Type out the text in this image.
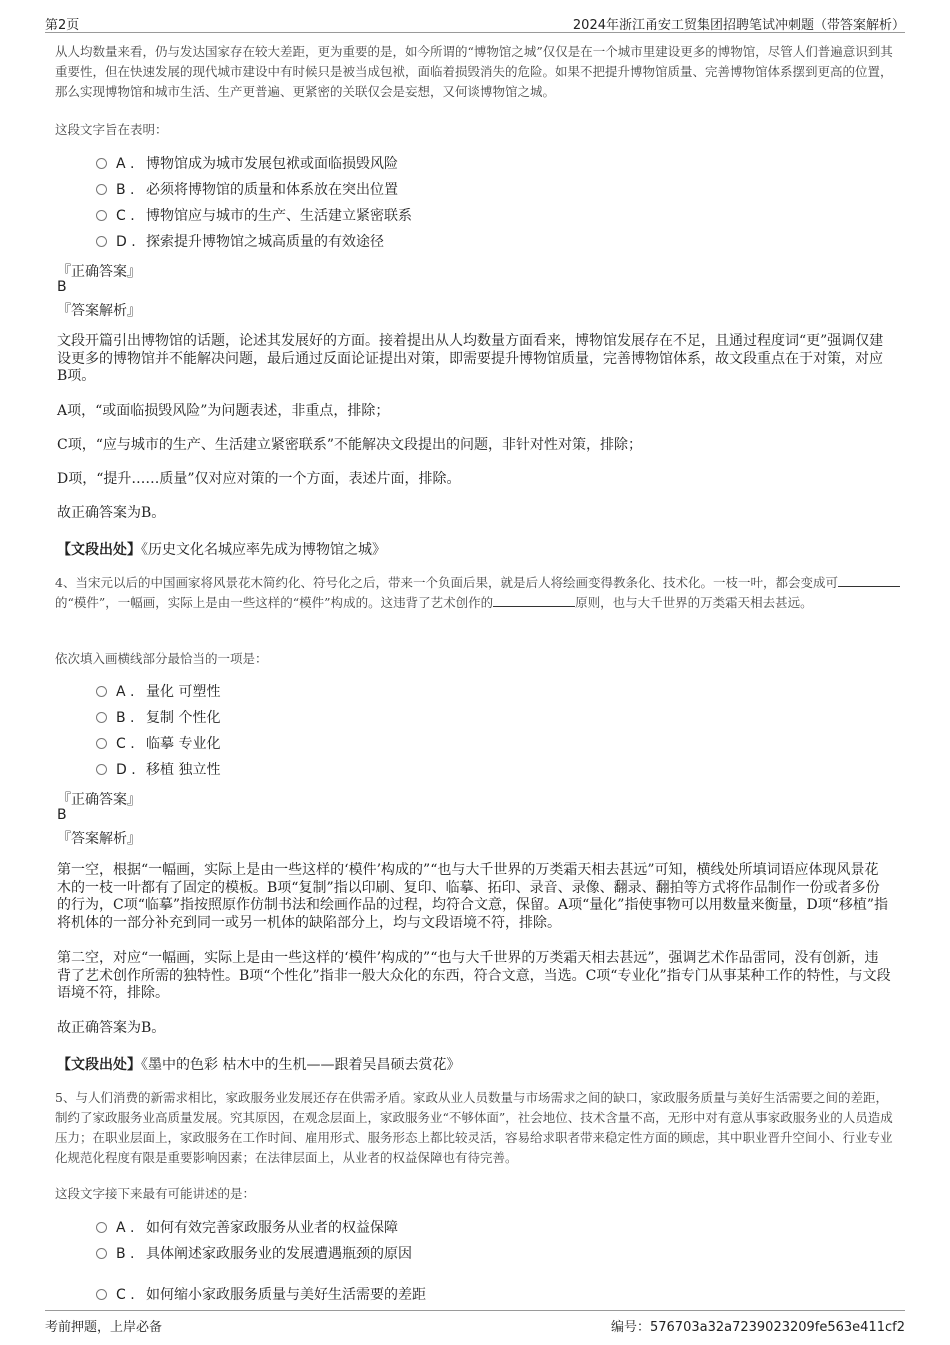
第2页	2024年浙江甬安工贸集团招聘笔试冲刺题（带答案解析）
从人均数量来看，仍与发达国家存在较大差距，更为重要的是，如今所谓的“博物馆之城”仅仅是在一个城市里建设更多的博物馆，尽管人们普遍意识到其重要性，但在快速发展的现代城市建设中有时候只是被当成包袱，面临着损毁消失的危险。如果不把提升博物馆质量、完善博物馆体系摆到更高的位置，那么实现博物馆和城市生活、生产更普遍、更紧密的关联仅会是妄想，又何谈博物馆之城。
这段文字旨在表明：
A . 博物馆成为城市发展包袱或面临损毁风险
B . 必须将博物馆的质量和体系放在突出位置
C . 博物馆应与城市的生产、生活建立紧密联系
D . 探索提升博物馆之城高质量的有效途径
『正确答案』
B
『答案解析』
文段开篇引出博物馆的话题，论述其发展好的方面。接着提出从人均数量方面看来，博物馆发展存在不足，且通过程度词“更”强调仅建设更多的博物馆并不能解决问题，最后通过反面论证提出对策，即需要提升博物馆质量，完善博物馆体系，故文段重点在于对策，对应B项。
A项，“或面临损毁风险”为问题表述，非重点，排除；
C项，“应与城市的生产、生活建立紧密联系”不能解决文段提出的问题，非针对性对策，排除；
D项，“提升……质量”仅对应对策的一个方面，表述片面，排除。
故正确答案为B。
【文段出处】《历史文化名城应率先成为博物馆之城》
4、当宋元以后的中国画家将风景花木简约化、符号化之后，带来一个负面后果，就是后人将绘画变得教条化、技术化。一枝一叶，都会变成可的“模件”，一幅画，实际上是由一些这样的“模件”构成的。这违背了艺术创作的	原则，也与大千世界的万类霜天相去甚远。
依次填入画横线部分最恰当的一项是：
A . 量化 可塑性
B . 复制 个性化
C . 临摹 专业化
D . 移植 独立性
『正确答案』
B
『答案解析』
第一空，根据“一幅画，实际上是由一些这样的‘模件’构成的”“也与大千世界的万类霜天相去甚远”可知，横线处所填词语应体现风景花木的一枝一叶都有了固定的模板。B项“复制”指以印刷、复印、临摹、拓印、录音、录像、翻录、翻拍等方式将作品制作一份或者多份的行为，C项“临摹”指按照原作仿制书法和绘画作品的过程，均符合文意，保留。A项“量化”指使事物可以用数量来衡量，D项“移植”指将机体的一部分补充到同一或另一机体的缺陷部分上，均与文段语境不符，排除。
第二空，对应“一幅画，实际上是由一些这样的‘模件’构成的”“也与大千世界的万类霜天相去甚远”，强调艺术作品雷同，没有创新，违背了艺术创作所需的独特性。B项“个性化”指非一般大众化的东西，符合文意，当选。C项“专业化”指专门从事某种工作的特性，与文段语境不符，排除。
故正确答案为B。
【文段出处】《墨中的色彩 枯木中的生机——跟着吴昌硕去赏花》
5、与人们消费的新需求相比，家政服务业发展还存在供需矛盾。家政从业人员数量与市场需求之间的缺口，家政服务质量与美好生活需要之间的差距，制约了家政服务业高质量发展。究其原因，在观念层面上，家政服务业“不够体面”，社会地位、技术含量不高，无形中对有意从事家政服务业的人员造成压力；在职业层面上，家政服务在工作时间、雇用形式、服务形态上都比较灵活，容易给求职者带来稳定性方面的顾虑，其中职业晋升空间小、行业专业化规范化程度有限是重要影响因素；在法律层面上，从业者的权益保障也有待完善。
这段文字接下来最有可能讲述的是：
A . 如何有效完善家政服务从业者的权益保障
B . 具体阐述家政服务业的发展遭遇瓶颈的原因
C . 如何缩小家政服务质量与美好生活需要的差距
考前押题，上岸必备	编号：576703a32a7239023209fe563e411cf2
